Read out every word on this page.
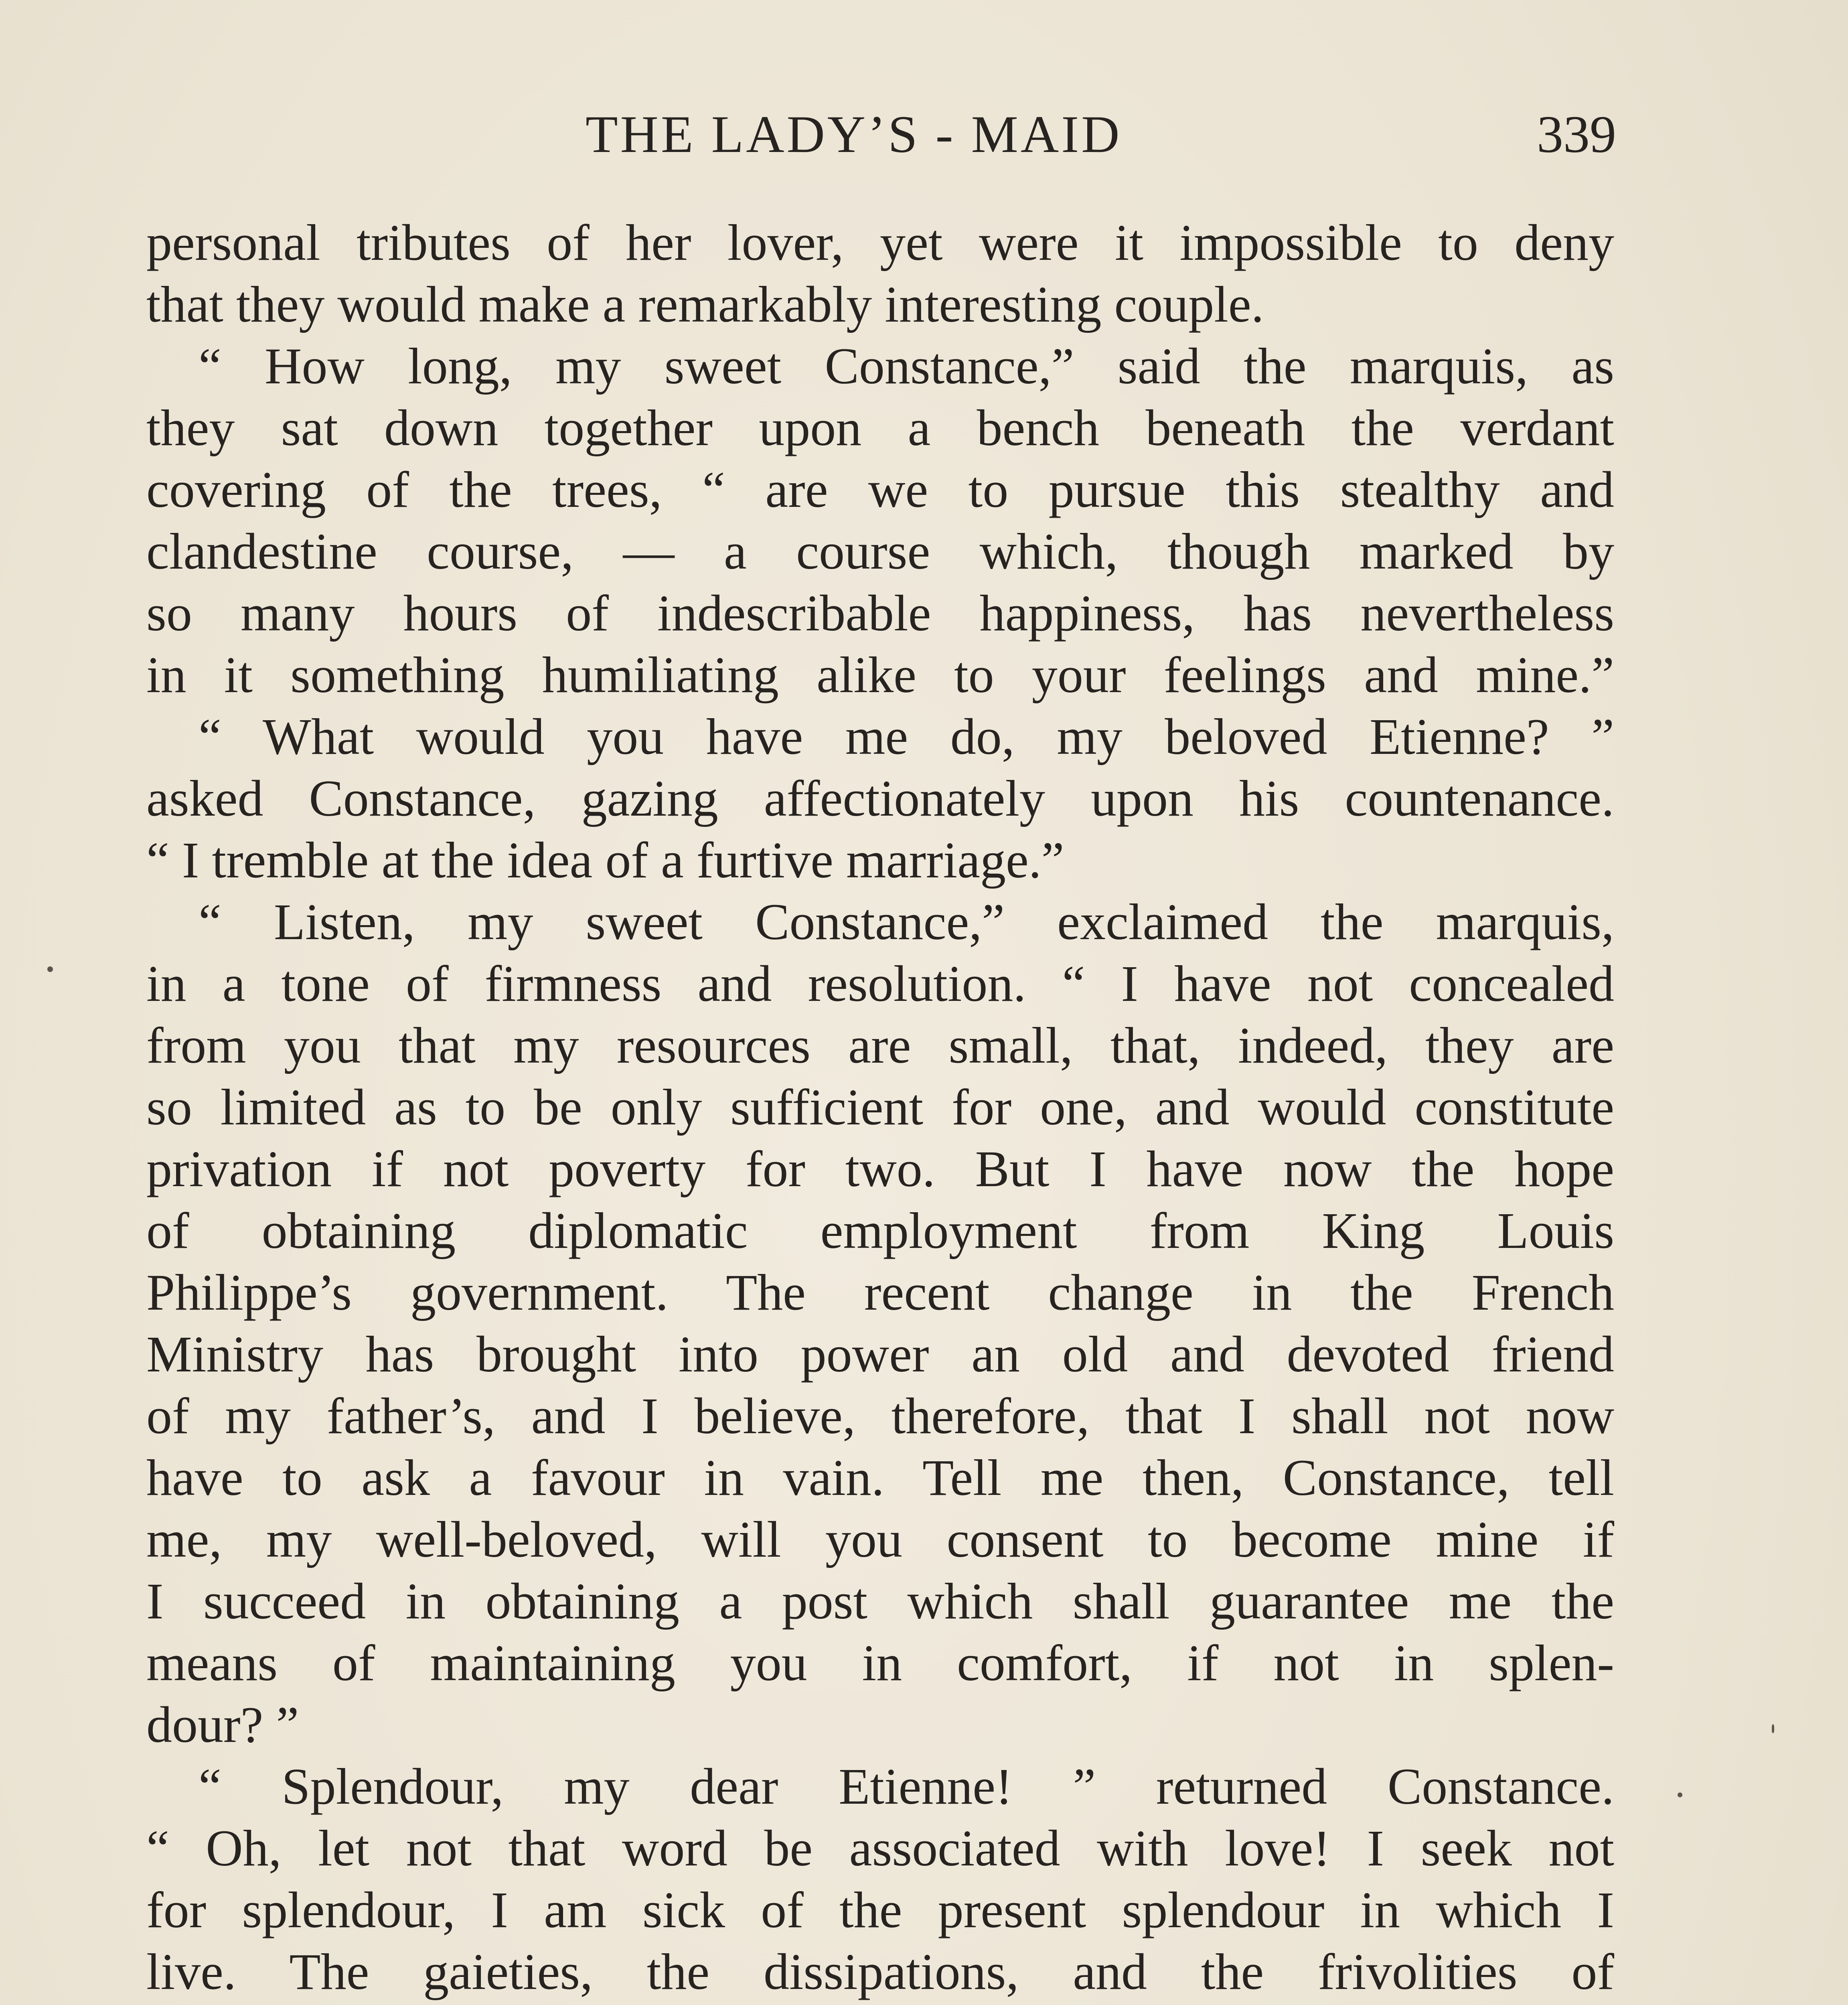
THE LADY’S - MAID	339
personal tributes of her lover, yet were it impossible to deny
that they would make a remarkably interesting couple.
“ How long, my sweet Constance,” said the marquis, as
they sat down together upon a bench beneath the verdant
covering of the trees, “ are we to pursue this stealthy and
clandestine course, — a course which, though marked by
so many hours of indescribable happiness, has nevertheless
in it something humiliating alike to your feelings and mine.”
“ What would you have me do, my beloved Etienne? ”
asked Constance, gazing affectionately upon his countenance.
“ I tremble at the idea of a furtive marriage.”
“ Listen, my sweet Constance,” exclaimed the marquis,
in a tone of firmness and resolution. “ I have not concealed
from you that my resources are small, that, indeed, they are
so limited as to be only sufficient for one, and would constitute
privation if not poverty for two. But I have now the hope
of obtaining diplomatic employment from King Louis
Philippe’s government. The recent change in the French
Ministry has brought into power an old and devoted friend
of my father’s, and I believe, therefore, that I shall not now
have to ask a favour in vain. Tell me then, Constance, tell
me, my well-beloved, will you consent to become mine if
I succeed in obtaining a post which shall guarantee me the
means of maintaining you in comfort, if not in splen-
dour? ”
“ Splendour, my dear Etienne! ” returned Constance.
“ Oh, let not that word be associated with love! I seek not
for splendour, I am sick of the present splendour in which I
live. The gaieties, the dissipations, and the frivolities of
